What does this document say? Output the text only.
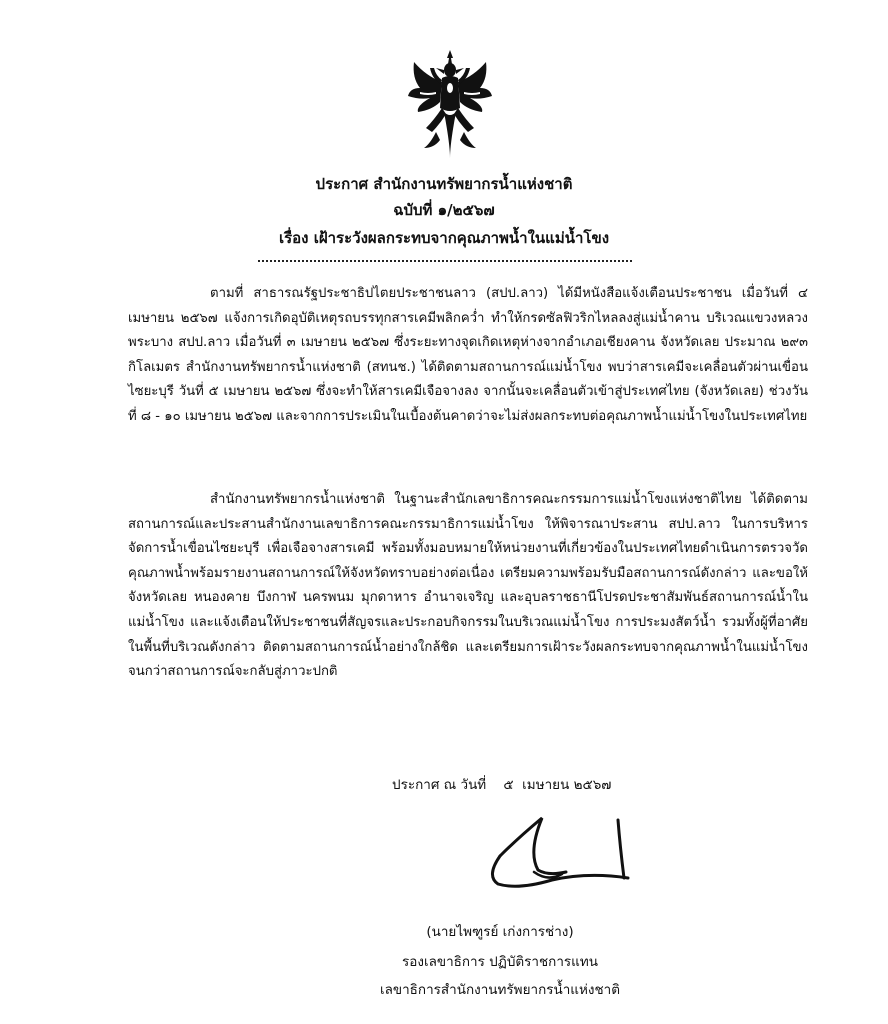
ประกาศ สำนักงานทรัพยากรน้ำแห่งชาติ
ฉบับที่ ๑/๒๕๖๗
เรื่อง เฝ้าระวังผลกระทบจากคุณภาพน้ำในแม่น้ำโขง
ตามที่ สาธารณรัฐประชาธิปไตยประชาชนลาว (สปป.ลาว) ได้มีหนังสือแจ้งเตือนประชาชน เมื่อวันที่ ๔ เมษายน ๒๕๖๗ แจ้งการเกิดอุบัติเหตุรถบรรทุกสารเคมีพลิกคว่ำ ทำให้กรดซัลฟิวริกไหลลงสู่แม่น้ำคาน บริเวณแขวงหลวงพระบาง สปป.ลาว เมื่อวันที่ ๓ เมษายน ๒๕๖๗ ซึ่งระยะทางจุดเกิดเหตุห่างจากอำเภอเชียงคาน จังหวัดเลย ประมาณ ๒๙๓ กิโลเมตร สำนักงานทรัพยากรน้ำแห่งชาติ (สทนช.) ได้ติดตามสถานการณ์แม่น้ำโขง พบว่าสารเคมีจะเคลื่อนตัวผ่านเขื่อนไซยะบุรี วันที่ ๕ เมษายน ๒๕๖๗ ซึ่งจะทำให้สารเคมีเจือจางลง จากนั้นจะเคลื่อนตัวเข้าสู่ประเทศไทย (จังหวัดเลย) ช่วงวันที่ ๘ - ๑๐ เมษายน ๒๕๖๗ และจากการประเมินในเบื้องต้นคาดว่าจะไม่ส่งผลกระทบต่อคุณภาพน้ำแม่น้ำโขงในประเทศไทย
สำนักงานทรัพยากรน้ำแห่งชาติ ในฐานะสำนักเลขาธิการคณะกรรมการแม่น้ำโขงแห่งชาติไทย ได้ติดตามสถานการณ์และประสานสำนักงานเลขาธิการคณะกรรมาธิการแม่น้ำโขง ให้พิจารณาประสาน สปป.ลาว ในการบริหารจัดการน้ำเขื่อนไซยะบุรี เพื่อเจือจางสารเคมี พร้อมทั้งมอบหมายให้หน่วยงานที่เกี่ยวข้องในประเทศไทยดำเนินการตรวจวัดคุณภาพน้ำพร้อมรายงานสถานการณ์ให้จังหวัดทราบอย่างต่อเนื่อง เตรียมความพร้อมรับมือสถานการณ์ดังกล่าว และขอให้จังหวัดเลย หนองคาย บึงกาฬ นครพนม มุกดาหาร อำนาจเจริญ และอุบลราชธานีโปรดประชาสัมพันธ์สถานการณ์น้ำในแม่น้ำโขง และแจ้งเตือนให้ประชาชนที่สัญจรและประกอบกิจกรรมในบริเวณแม่น้ำโขง การประมงสัตว์น้ำ รวมทั้งผู้ที่อาศัยในพื้นที่บริเวณดังกล่าว ติดตามสถานการณ์น้ำอย่างใกล้ชิด และเตรียมการเฝ้าระวังผลกระทบจากคุณภาพน้ำในแม่น้ำโขง จนกว่าสถานการณ์จะกลับสู่ภาวะปกติ
ประกาศ ณ วันที่    ๕  เมษายน ๒๕๖๗
(นายไพฑูรย์ เก่งการช่าง)
รองเลขาธิการ ปฏิบัติราชการแทน
เลขาธิการสำนักงานทรัพยากรน้ำแห่งชาติ
